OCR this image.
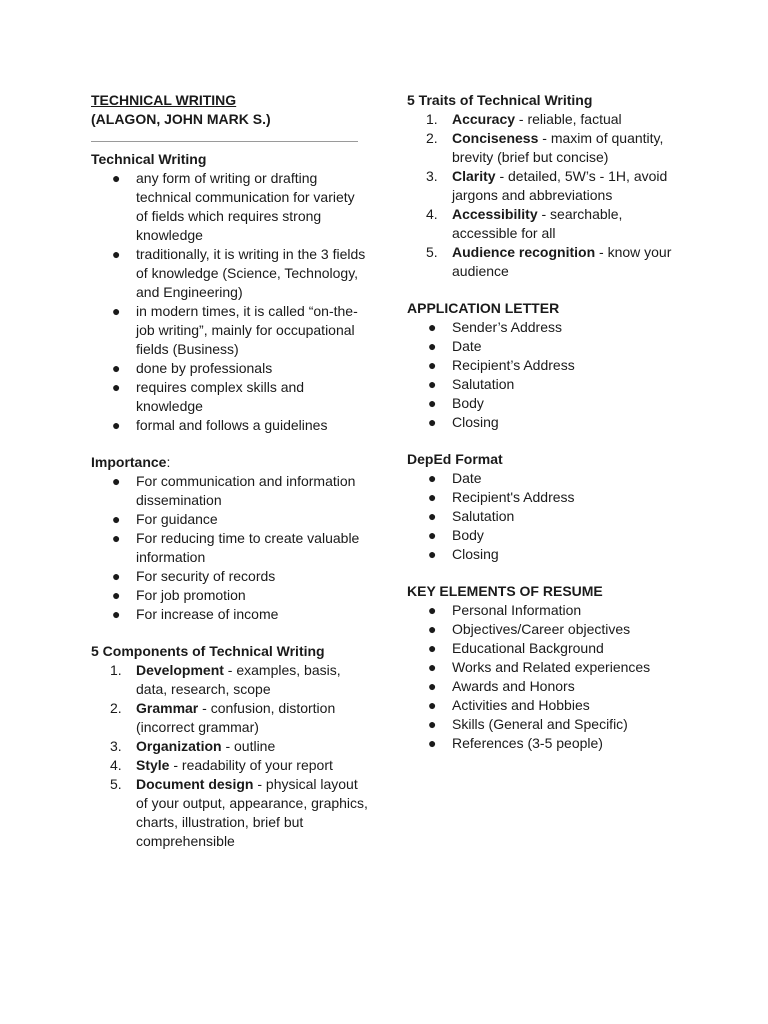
TECHNICAL WRITING
(ALAGON, JOHN MARK S.)
Technical Writing
● any form of writing or drafting technical communication for variety of fields which requires strong knowledge
● traditionally, it is writing in the 3 fields of knowledge (Science, Technology, and Engineering)
● in modern times, it is called “on-the-job writing”, mainly for occupational fields (Business)
● done by professionals
● requires complex skills and knowledge
● formal and follows a guidelines
Importance:
● For communication and information dissemination
● For guidance
● For reducing time to create valuable information
● For security of records
● For job promotion
● For increase of income
5 Components of Technical Writing
1. Development - examples, basis, data, research, scope
2. Grammar - confusion, distortion (incorrect grammar)
3. Organization - outline
4. Style - readability of your report
5. Document design - physical layout of your output, appearance, graphics, charts, illustration, brief but comprehensible
5 Traits of Technical Writing
1. Accuracy - reliable, factual
2. Conciseness - maxim of quantity, brevity (brief but concise)
3. Clarity - detailed, 5W’s - 1H, avoid jargons and abbreviations
4. Accessibility - searchable, accessible for all
5. Audience recognition - know your audience
APPLICATION LETTER
● Sender’s Address
● Date
● Recipient’s Address
● Salutation
● Body
● Closing
DepEd Format
● Date
● Recipient's Address
● Salutation
● Body
● Closing
KEY ELEMENTS OF RESUME
● Personal Information
● Objectives/Career objectives
● Educational Background
● Works and Related experiences
● Awards and Honors
● Activities and Hobbies
● Skills (General and Specific)
● References (3-5 people)
